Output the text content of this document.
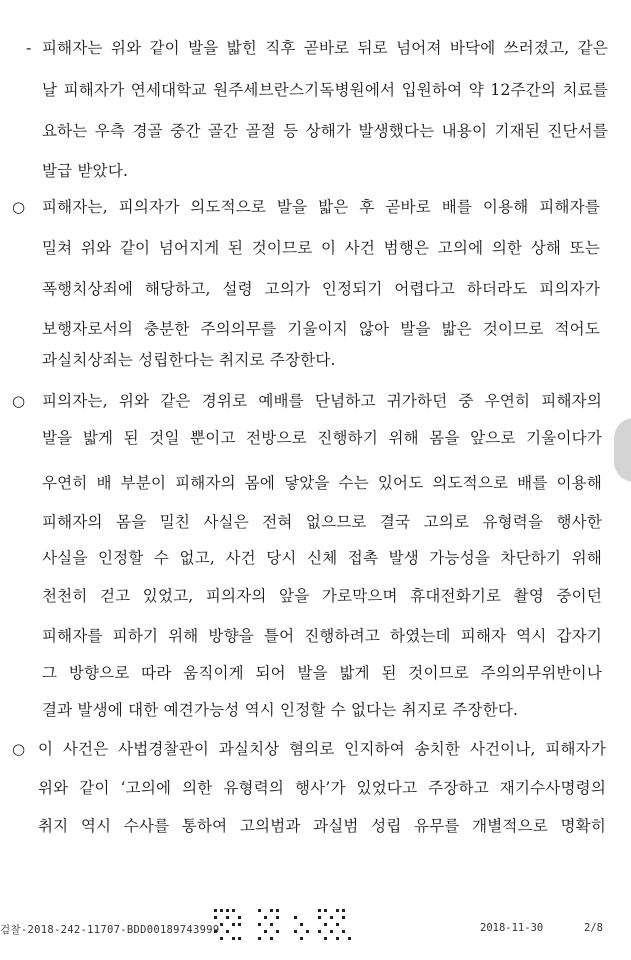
- 피해자는 위와 같이 발을 밟힌 직후 곧바로 뒤로 넘어져 바닥에 쓰러졌고, 같은
날 피해자가 연세대학교 원주세브란스기독병원에서 입원하여 약 12주간의 치료를
요하는 우측 경골 중간 골간 골절 등 상해가 발생했다는 내용이 기재된 진단서를
발급 받았다.
○ 피해자는, 피의자가 의도적으로 발을 밟은 후 곧바로 배를 이용해 피해자를
밀쳐 위와 같이 넘어지게 된 것이므로 이 사건 범행은 고의에 의한 상해 또는
폭행치상죄에 해당하고, 설령 고의가 인정되기 어렵다고 하더라도 피의자가
보행자로서의 충분한 주의의무를 기울이지 않아 발을 밟은 것이므로 적어도
과실치상죄는 성립한다는 취지로 주장한다.
○ 피의자는, 위와 같은 경위로 예배를 단념하고 귀가하던 중 우연히 피해자의
발을 밟게 된 것일 뿐이고 전방으로 진행하기 위해 몸을 앞으로 기울이다가
우연히 배 부분이 피해자의 몸에 닿았을 수는 있어도 의도적으로 배를 이용해
피해자의 몸을 밀친 사실은 전혀 없으므로 결국 고의로 유형력을 행사한
사실을 인정할 수 없고, 사건 당시 신체 접촉 발생 가능성을 차단하기 위해
천천히 걷고 있었고, 피의자의 앞을 가로막으며 휴대전화기로 촬영 중이던
피해자를 피하기 위해 방향을 틀어 진행하려고 하였는데 피해자 역시 갑자기
그 방향으로 따라 움직이게 되어 발을 밟게 된 것이므로 주의의무위반이나
결과 발생에 대한 예견가능성 역시 인정할 수 없다는 취지로 주장한다.
○ 이 사건은 사법경찰관이 과실치상 혐의로 인지하여 송치한 사건이나, 피해자가
위와 같이 ‘고의에 의한 유형력의 행사’가 있었다고 주장하고 재기수사명령의
취지 역시 수사를 통하여 고의범과 과실범 성립 유무를 개별적으로 명확히
검찰-2018-242-11707-BDD00189743999	2018-11-30	2/8
